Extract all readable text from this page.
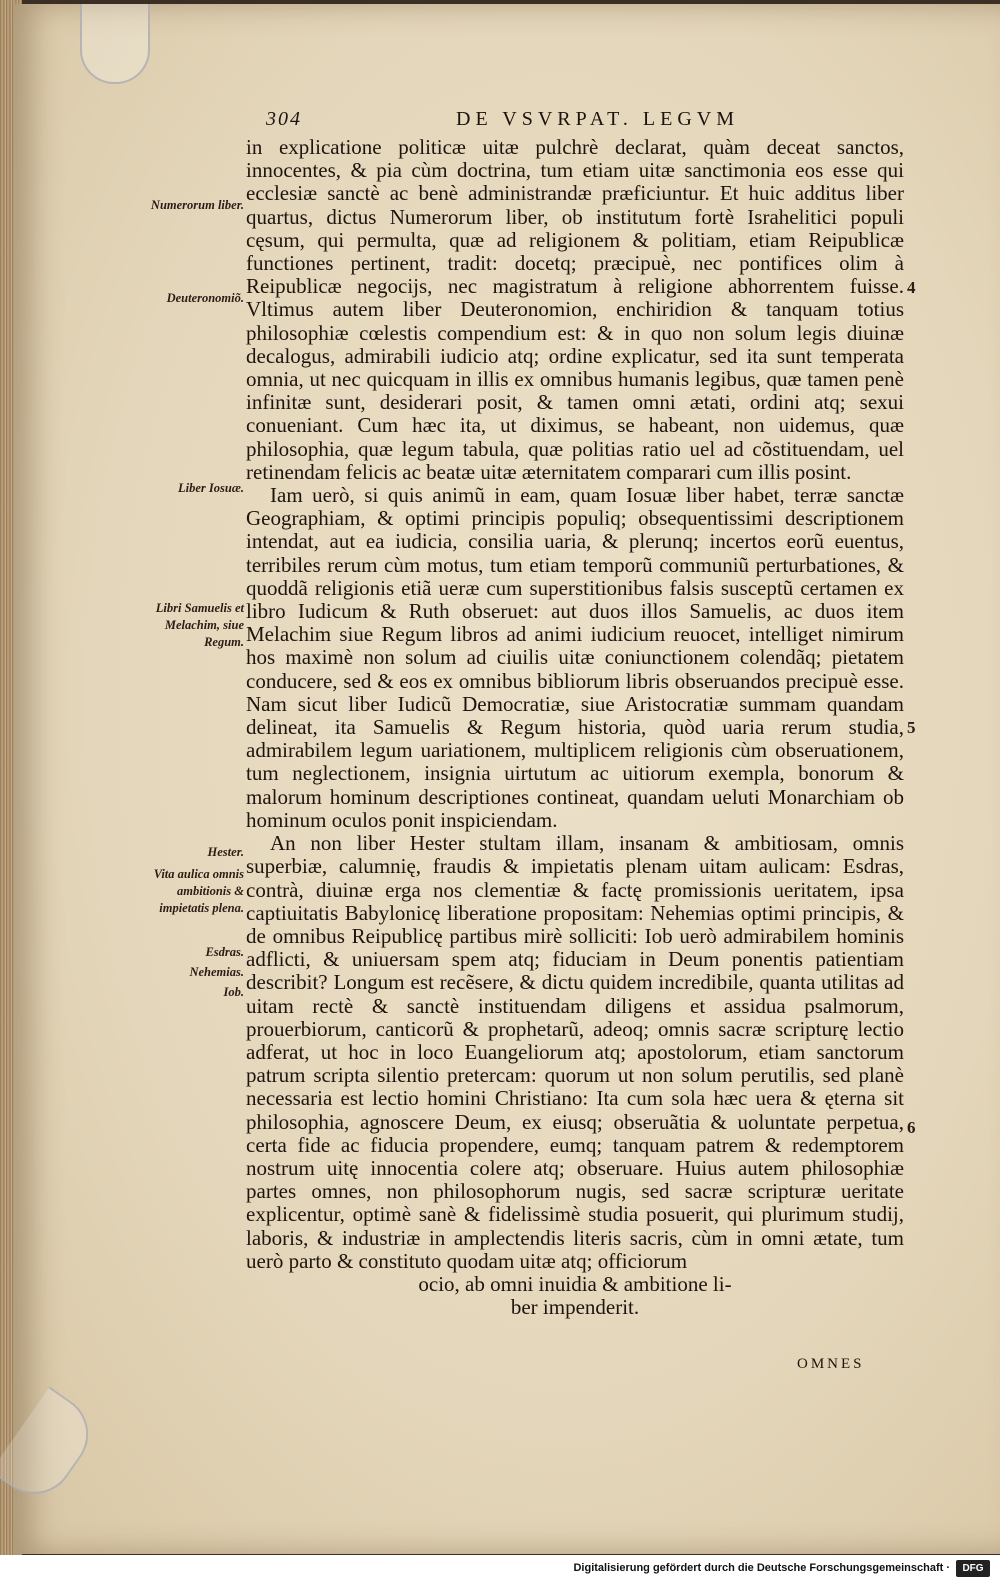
304	DE VSVRPAT. LEGVM
Numerorum liber.
Deuteronomiõ.
Liber Iosuæ.
Libri Samuelis et Melachim, siue Regum.
Hester.
Vita aulica omnis ambitionis & impietatis plena.
Esdras.
Nehemias.
Iob.
4
5
6

in explicatione politicæ uitæ pulchrè declarat, quàm deceat sanctos, innocentes, & pia cùm doctrina, tum etiam uitæ sanctimonia eos esse qui ecclesiæ sanctè ac benè administrandæ præficiuntur. Et huic additus liber quartus, dictus Numerorum liber, ob institutum fortè Israhelitici populi cęsum, qui permulta, quæ ad religionem & politiam, etiam Reipublicæ functiones pertinent, tradit: docetq; præcipuè, nec pontifices olim à Reipublicæ negocijs, nec magistratum à religione abhorrentem fuisse. Vltimus autem liber Deuteronomion, enchiridion & tanquam totius philosophiæ cœlestis compendium est: & in quo non solum legis diuinæ decalogus, admirabili iudicio atq; ordine explicatur, sed ita sunt temperata omnia, ut nec quicquam in illis ex omnibus humanis legibus, quæ tamen penè infinitæ sunt, desiderari posit, & tamen omni ætati, ordini atq; sexui conueniant. Cum hæc ita, ut diximus, se habeant, non uidemus, quæ philosophia, quæ legum tabula, quæ politias ratio uel ad cõstituendam, uel retinendam felicis ac beatæ uitæ æternitatem comparari cum illis posint.

Iam uerò, si quis animũ in eam, quam Iosuæ liber habet, terræ sanctæ Geographiam, & optimi principis populiq; obsequentissimi descriptionem intendat, aut ea iudicia, consilia uaria, & plerunq; incertos eorũ euentus, terribiles rerum cùm motus, tum etiam temporũ communiũ perturbationes, & quoddã religionis etiã ueræ cum superstitionibus falsis susceptũ certamen ex libro Iudicum & Ruth obseruet: aut duos illos Samuelis, ac duos item Melachim siue Regum libros ad animi iudicium reuocet, intelliget nimirum hos maximè non solum ad ciuilis uitæ coniunctionem colendãq; pietatem conducere, sed & eos ex omnibus bibliorum libris obseruandos precipuè esse. Nam sicut liber Iudicũ Democratiæ, siue Aristocratiæ summam quandam delineat, ita Samuelis & Regum historia, quòd uaria rerum studia, admirabilem legum uariationem, multiplicem religionis cùm obseruationem, tum neglectionem, insignia uirtutum ac uitiorum exempla, bonorum & malorum hominum descriptiones contineat, quandam ueluti Monarchiam ob hominum oculos ponit inspiciendam.

An non liber Hester stultam illam, insanam & ambitiosam, omnis superbiæ, calumnię, fraudis & impietatis plenam uitam aulicam: Esdras, contrà, diuinæ erga nos clementiæ & factę promissionis ueritatem, ipsa captiuitatis Babylonicę liberatione propositam: Nehemias optimi principis, & de omnibus Reipublicę partibus mirè solliciti: Iob uerò admirabilem hominis adflicti, & uniuersam spem atq; fiduciam in Deum ponentis patientiam describit? Longum est recẽsere, & dictu quidem incredibile, quanta utilitas ad uitam rectè & sanctè instituendam diligens et assidua psalmorum, prouerbiorum, canticorũ & prophetarũ, adeoq; omnis sacræ scripturę lectio adferat, ut hoc in loco Euangeliorum atq; apostolorum, etiam sanctorum patrum scripta silentio pretercam: quorum ut non solum perutilis, sed planè necessaria est lectio homini Christiano: Ita cum sola hæc uera & ęterna sit philosophia, agnoscere Deum, ex eiusq; obseruãtia & uoluntate perpetua, certa fide ac fiducia propendere, eumq; tanquam patrem & redemptorem nostrum uitę innocentia colere atq; obseruare. Huius autem philosophiæ partes omnes, non philosophorum nugis, sed sacræ scripturæ ueritate explicentur, optimè sanè & fidelissimè studia posuerit, qui plurimum studij, laboris, & industriæ in amplectendis literis sacris, cùm in omni ætate, tum uerò parto & constituto quodam uitæ atq; officiorum

ocio, ab omni inuidia & ambitione li-

ber impenderit.

OMNES
Digitalisierung gefördert durch die Deutsche Forschungsgemeinschaft ·	DFG
